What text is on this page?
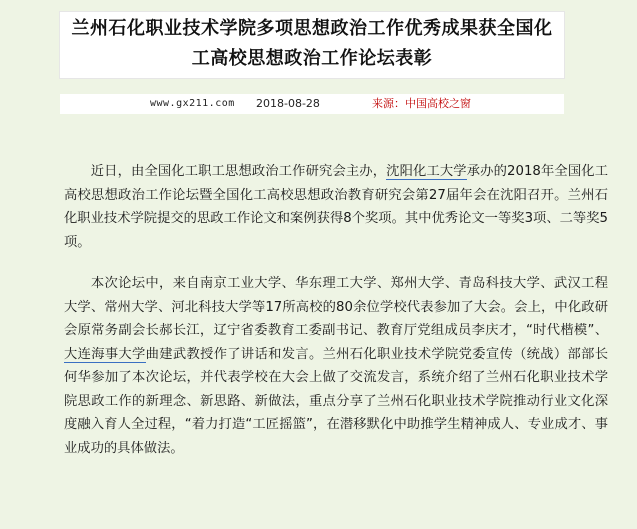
兰州石化职业技术学院多项思想政治工作优秀成果获全国化
工高校思想政治工作论坛表彰
www.gx211.com 2018-08-28	来源：中国高校之窗

  近日，由全国化工职工思想政治工作研究会主办，沈阳化工大学承办的2018年全国化工高校思想政治工作论坛暨全国化工高校思想政治教育研究会第27届年会在沈阳召开。兰州石化职业技术学院提交的思政工作论文和案例获得8个奖项。其中优秀论文一等奖3项、二等奖5项。

  本次论坛中，来自南京工业大学、华东理工大学、郑州大学、青岛科技大学、武汉工程大学、常州大学、河北科技大学等17所高校的80余位学校代表参加了大会。会上，中化政研会原常务副会长郝长江，辽宁省委教育工委副书记、教育厅党组成员李庆才，“时代楷模”、大连海事大学曲建武教授作了讲话和发言。兰州石化职业技术学院党委宣传（统战）部部长何华参加了本次论坛，并代表学校在大会上做了交流发言，系统介绍了兰州石化职业技术学院思政工作的新理念、新思路、新做法，重点分享了兰州石化职业技术学院推动行业文化深度融入育人全过程，“着力打造“工匠摇篮”，在潜移默化中助推学生精神成人、专业成才、事业成功的具体做法。
